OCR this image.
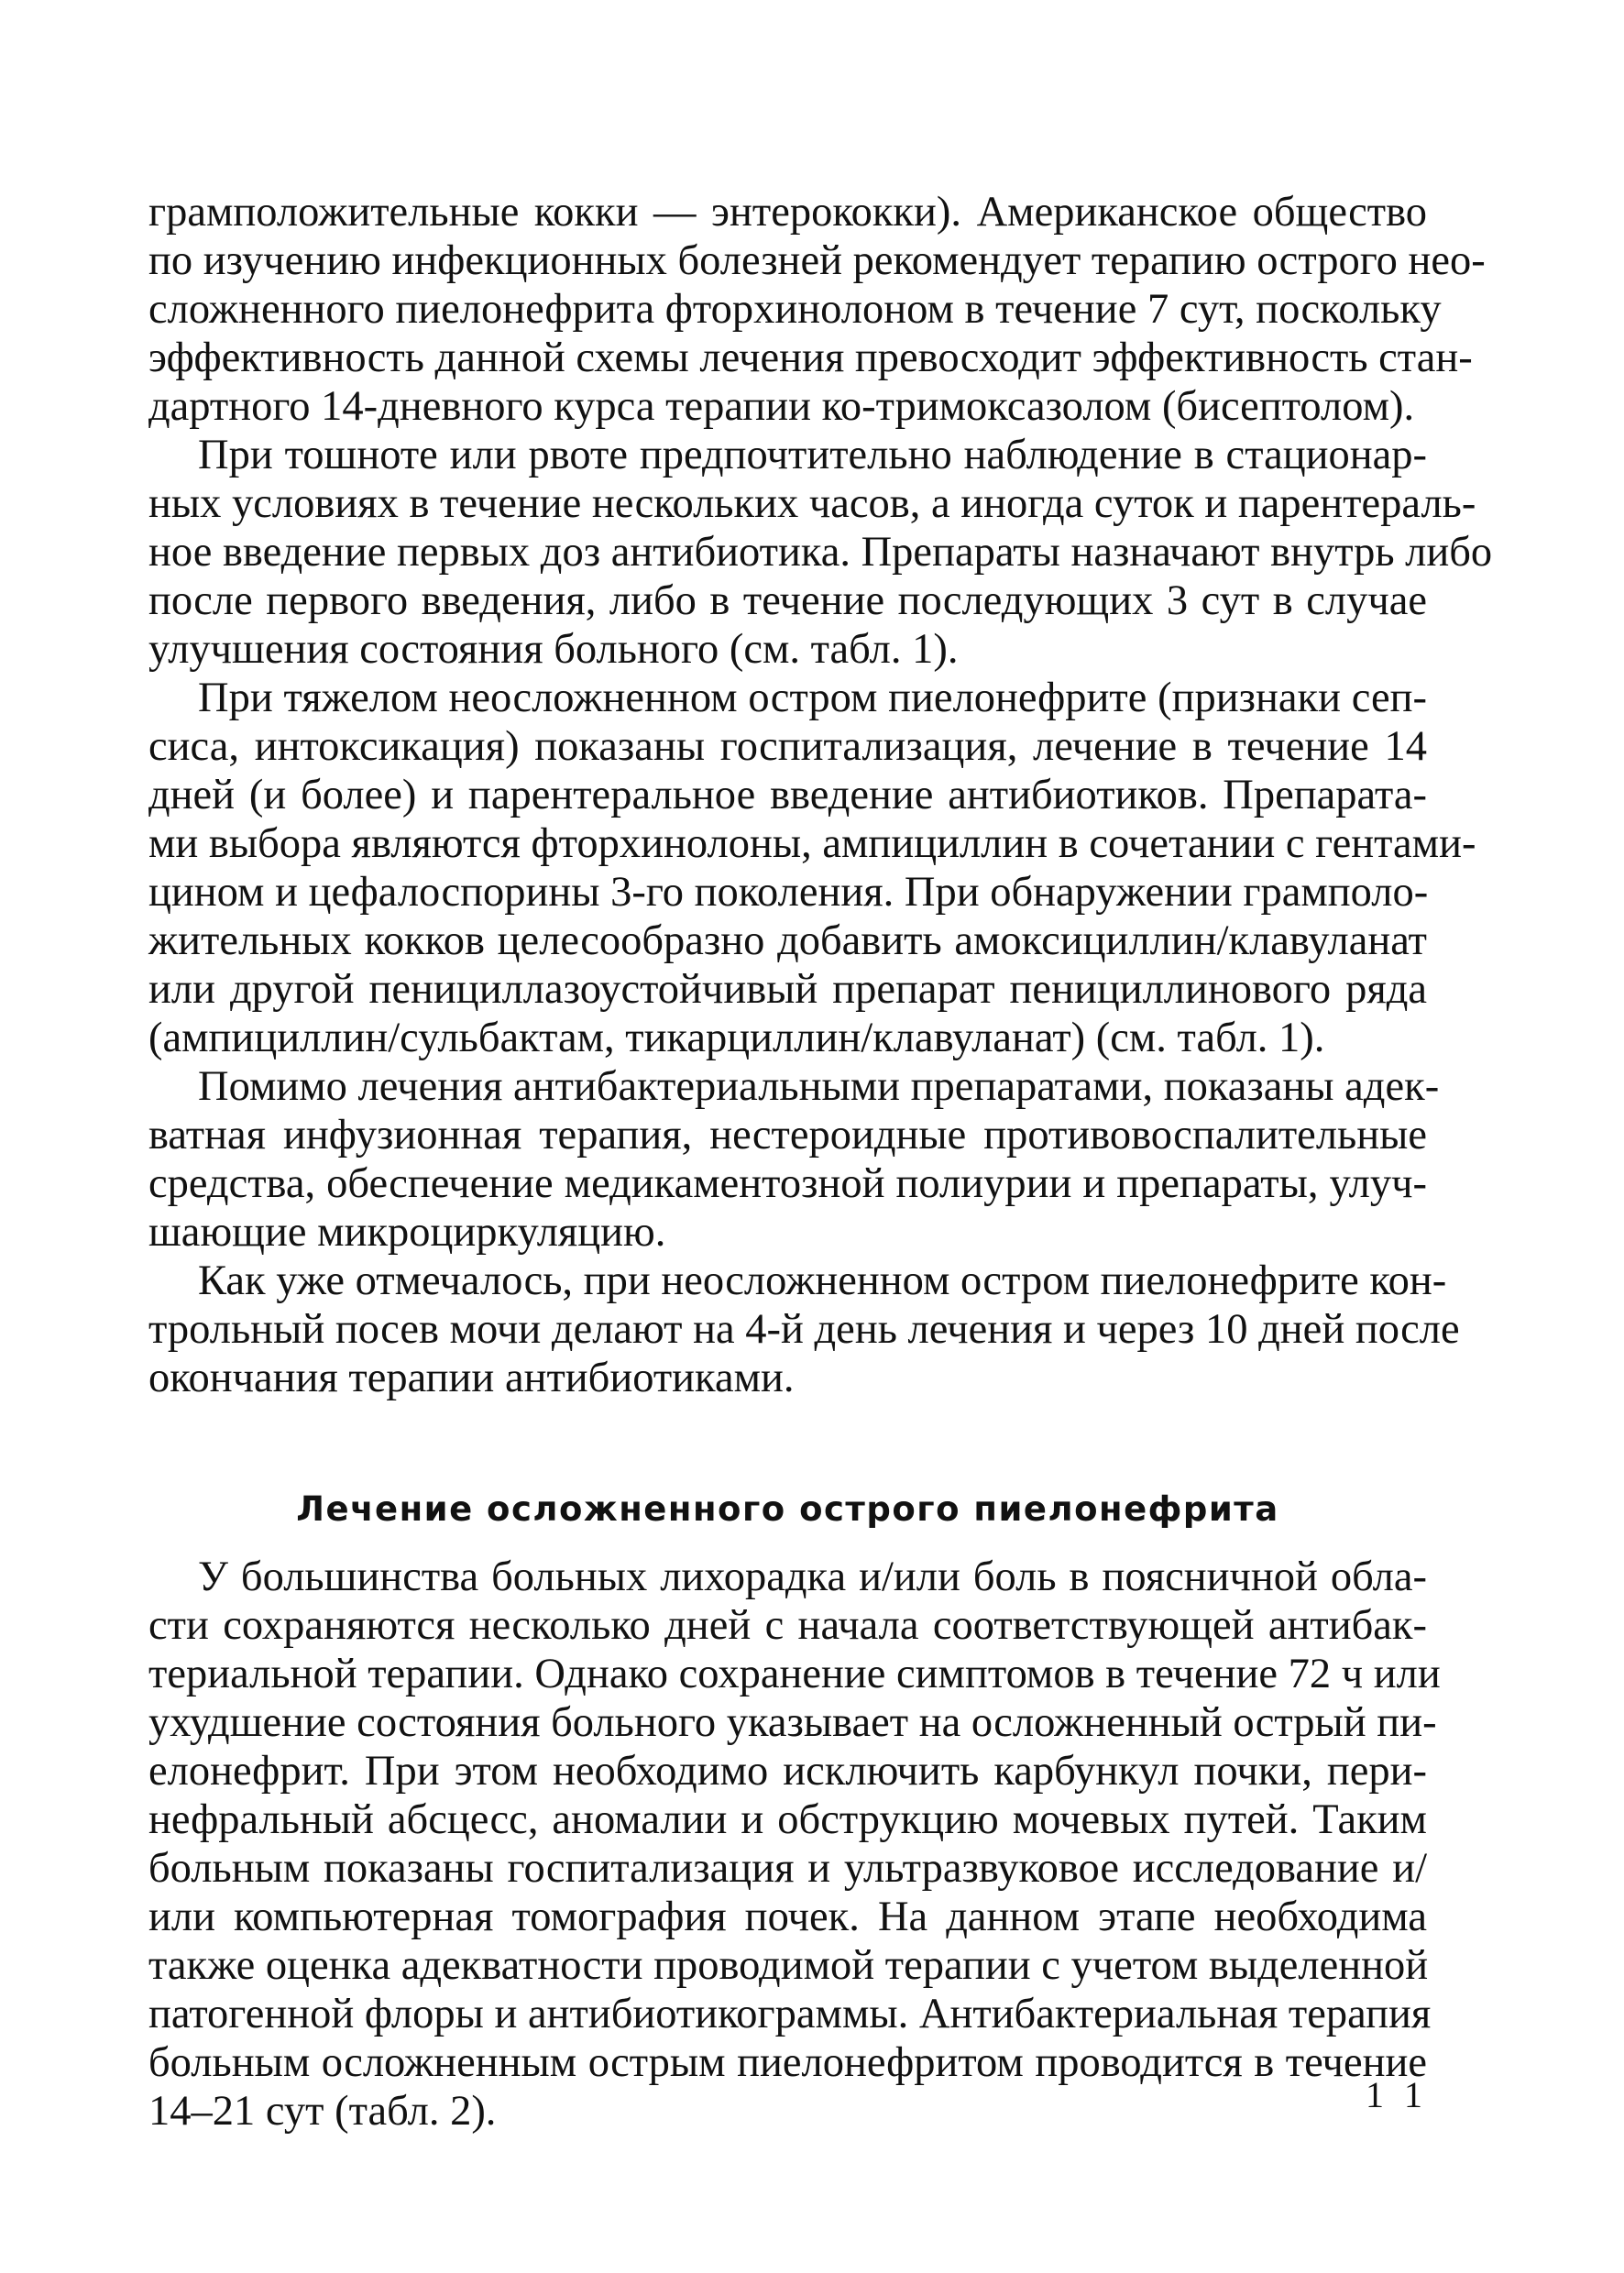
грамположительные кокки — энтерококки). Американское общество
по изучению инфекционных болезней рекомендует терапию острого нео-
сложненного пиелонефрита фторхинолоном в течение 7 сут, поскольку
эффективность данной схемы лечения превосходит эффективность стан-
дартного 14-дневного курса терапии ко-тримоксазолом (бисептолом).
При тошноте или рвоте предпочтительно наблюдение в стационар-
ных условиях в течение нескольких часов, а иногда суток и парентераль-
ное введение первых доз антибиотика. Препараты назначают внутрь либо
после первого введения, либо в течение последующих 3 сут в случае
улучшения состояния больного (см. табл. 1).
При тяжелом неосложненном остром пиелонефрите (признаки сеп-
сиса, интоксикация) показаны госпитализация, лечение в течение 14
дней (и более) и парентеральное введение антибиотиков. Препарата-
ми выбора являются фторхинолоны, ампициллин в сочетании с гентами-
цином и цефалоспорины 3-го поколения. При обнаружении грамполо-
жительных кокков целесообразно добавить амоксициллин/клавуланат
или другой пенициллазоустойчивый препарат пенициллинового ряда
(ампициллин/сульбактам, тикарциллин/клавуланат) (см. табл. 1).
Помимо лечения антибактериальными препаратами, показаны адек-
ватная инфузионная терапия, нестероидные противовоспалительные
средства, обеспечение медикаментозной полиурии и препараты, улуч-
шающие микроциркуляцию.
Как уже отмечалось, при неосложненном остром пиелонефрите кон-
трольный посев мочи делают на 4-й день лечения и через 10 дней после
окончания терапии антибиотиками.
Лечение осложненного острого пиелонефрита
У большинства больных лихорадка и/или боль в поясничной обла-
сти сохраняются несколько дней с начала соответствующей антибак-
териальной терапии. Однако сохранение симптомов в течение 72 ч или
ухудшение состояния больного указывает на осложненный острый пи-
елонефрит. При этом необходимо исключить карбункул почки, пери-
нефральный абсцесс, аномалии и обструкцию мочевых путей. Таким
больным показаны госпитализация и ультразвуковое исследование и/
или компьютерная томография почек. На данном этапе необходима
также оценка адекватности проводимой терапии с учетом выделенной
патогенной флоры и антибиотикограммы. Антибактериальная терапия
больным осложненным острым пиелонефритом проводится в течение
14–21 сут (табл. 2).	1 1
